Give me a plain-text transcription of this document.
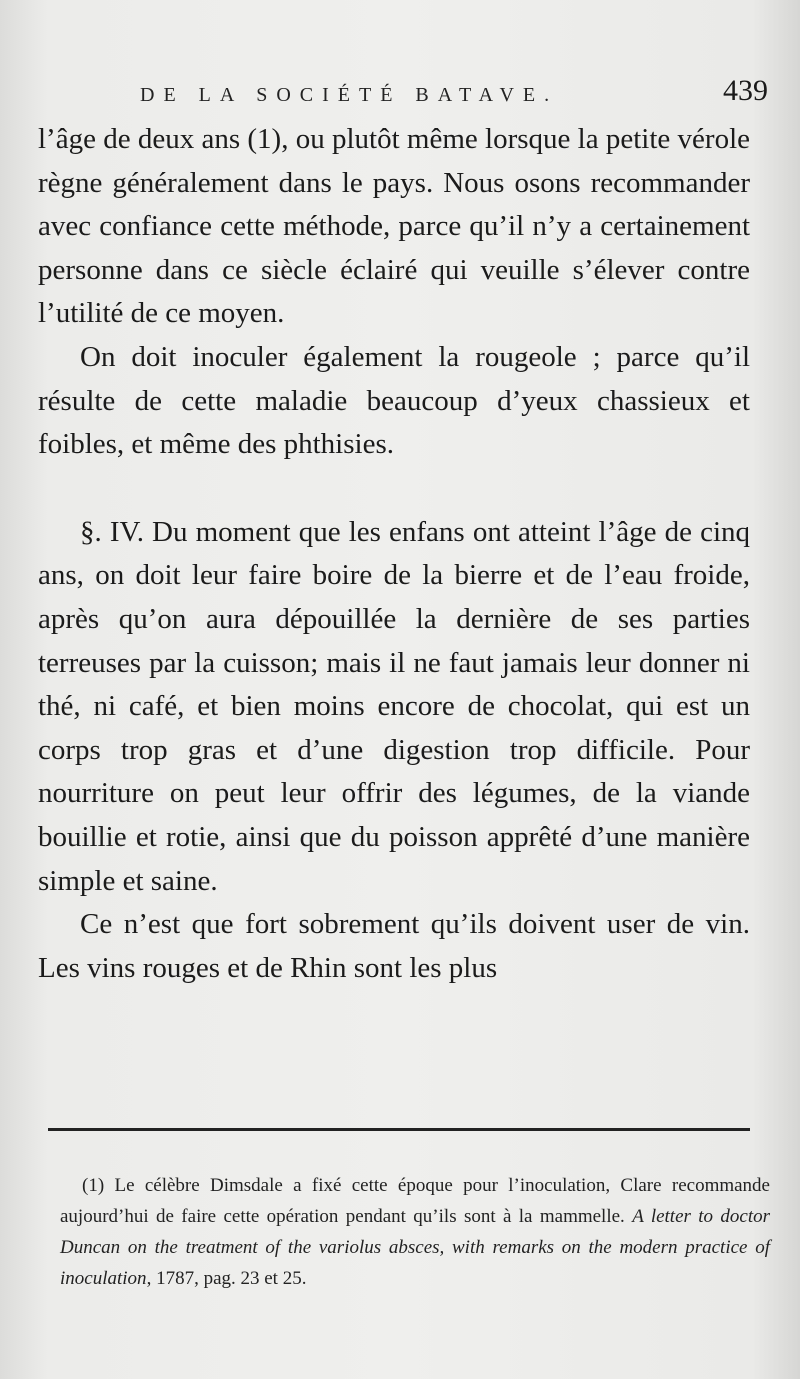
DE LA SOCIÉTÉ BATAVE.	439

l’âge de deux ans (1), ou plutôt même lorsque la petite vérole règne généralement dans le pays. Nous osons recommander avec confiance cette méthode, parce qu’il n’y a certainement personne dans ce siècle éclairé qui veuille s’élever contre l’utilité de ce moyen.

On doit inoculer également la rougeole ; parce qu’il résulte de cette maladie beaucoup d’yeux chassieux et foibles, et même des phthisies.

§. IV. Du moment que les enfans ont atteint l’âge de cinq ans, on doit leur faire boire de la bierre et de l’eau froide, après qu’on aura dépouillée la dernière de ses parties terreuses par la cuisson; mais il ne faut jamais leur donner ni thé, ni café, et bien moins encore de chocolat, qui est un corps trop gras et d’une digestion trop difficile. Pour nourriture on peut leur offrir des légumes, de la viande bouillie et rotie, ainsi que du poisson apprêté d’une manière simple et saine.

Ce n’est que fort sobrement qu’ils doivent user de vin. Les vins rouges et de Rhin sont les plus

(1) Le célèbre Dimsdale a fixé cette époque pour l’inoculation, Clare recommande aujourd’hui de faire cette opération pendant qu’ils sont à la mammelle. A letter to doctor Duncan on the treatment of the variolus absces, with remarks on the modern practice of inoculation, 1787, pag. 23 et 25.
